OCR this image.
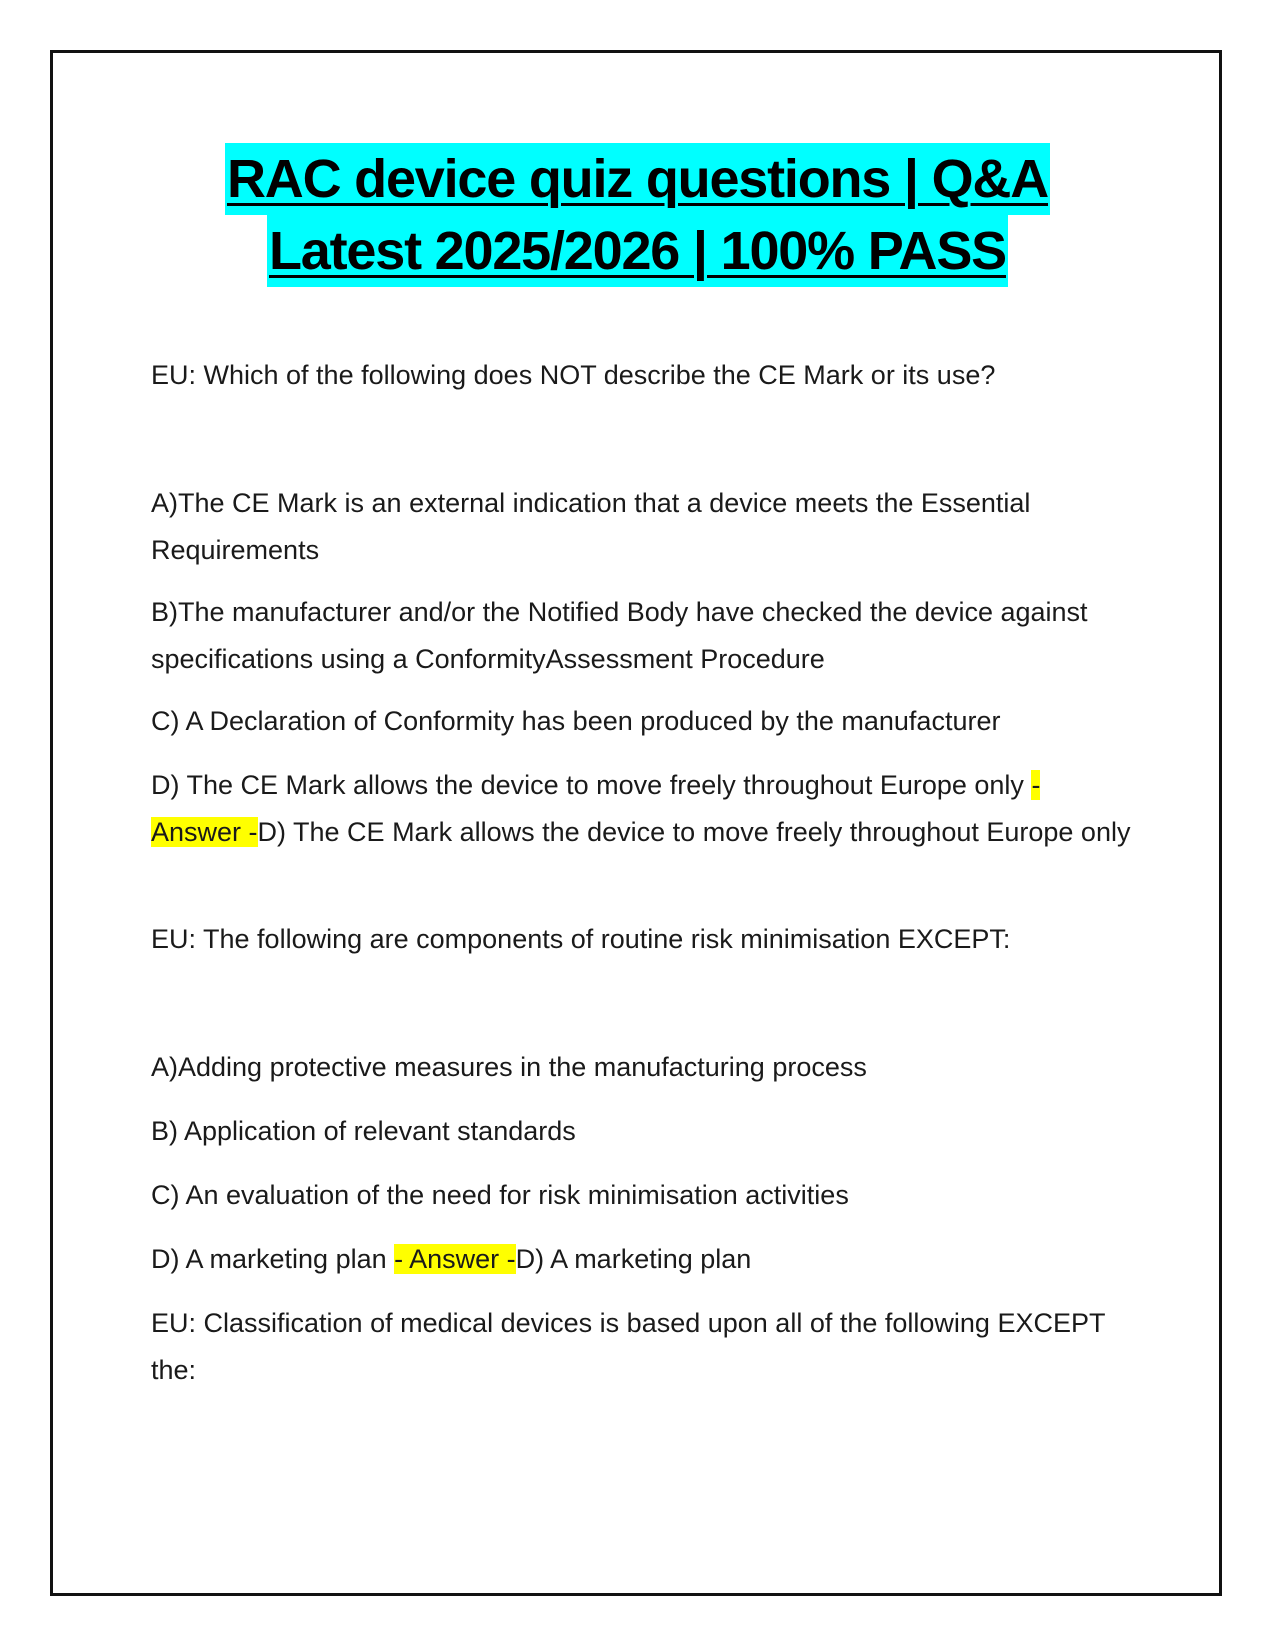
RAC device quiz questions | Q&A
Latest 2025/2026 | 100% PASS

EU: Which of the following does NOT describe the CE Mark or its use?

A)The CE Mark is an external indication that a device meets the Essential Requirements

B)The manufacturer and/or the Notified Body have checked the device against specifications using a ConformityAssessment Procedure

C) A Declaration of Conformity has been produced by the manufacturer

D) The CE Mark allows the device to move freely throughout Europe only - Answer -D) The CE Mark allows the device to move freely throughout Europe only

EU: The following are components of routine risk minimisation EXCEPT:

A)Adding protective measures in the manufacturing process

B) Application of relevant standards

C) An evaluation of the need for risk minimisation activities

D) A marketing plan - Answer -D) A marketing plan

EU: Classification of medical devices is based upon all of the following EXCEPT the:
